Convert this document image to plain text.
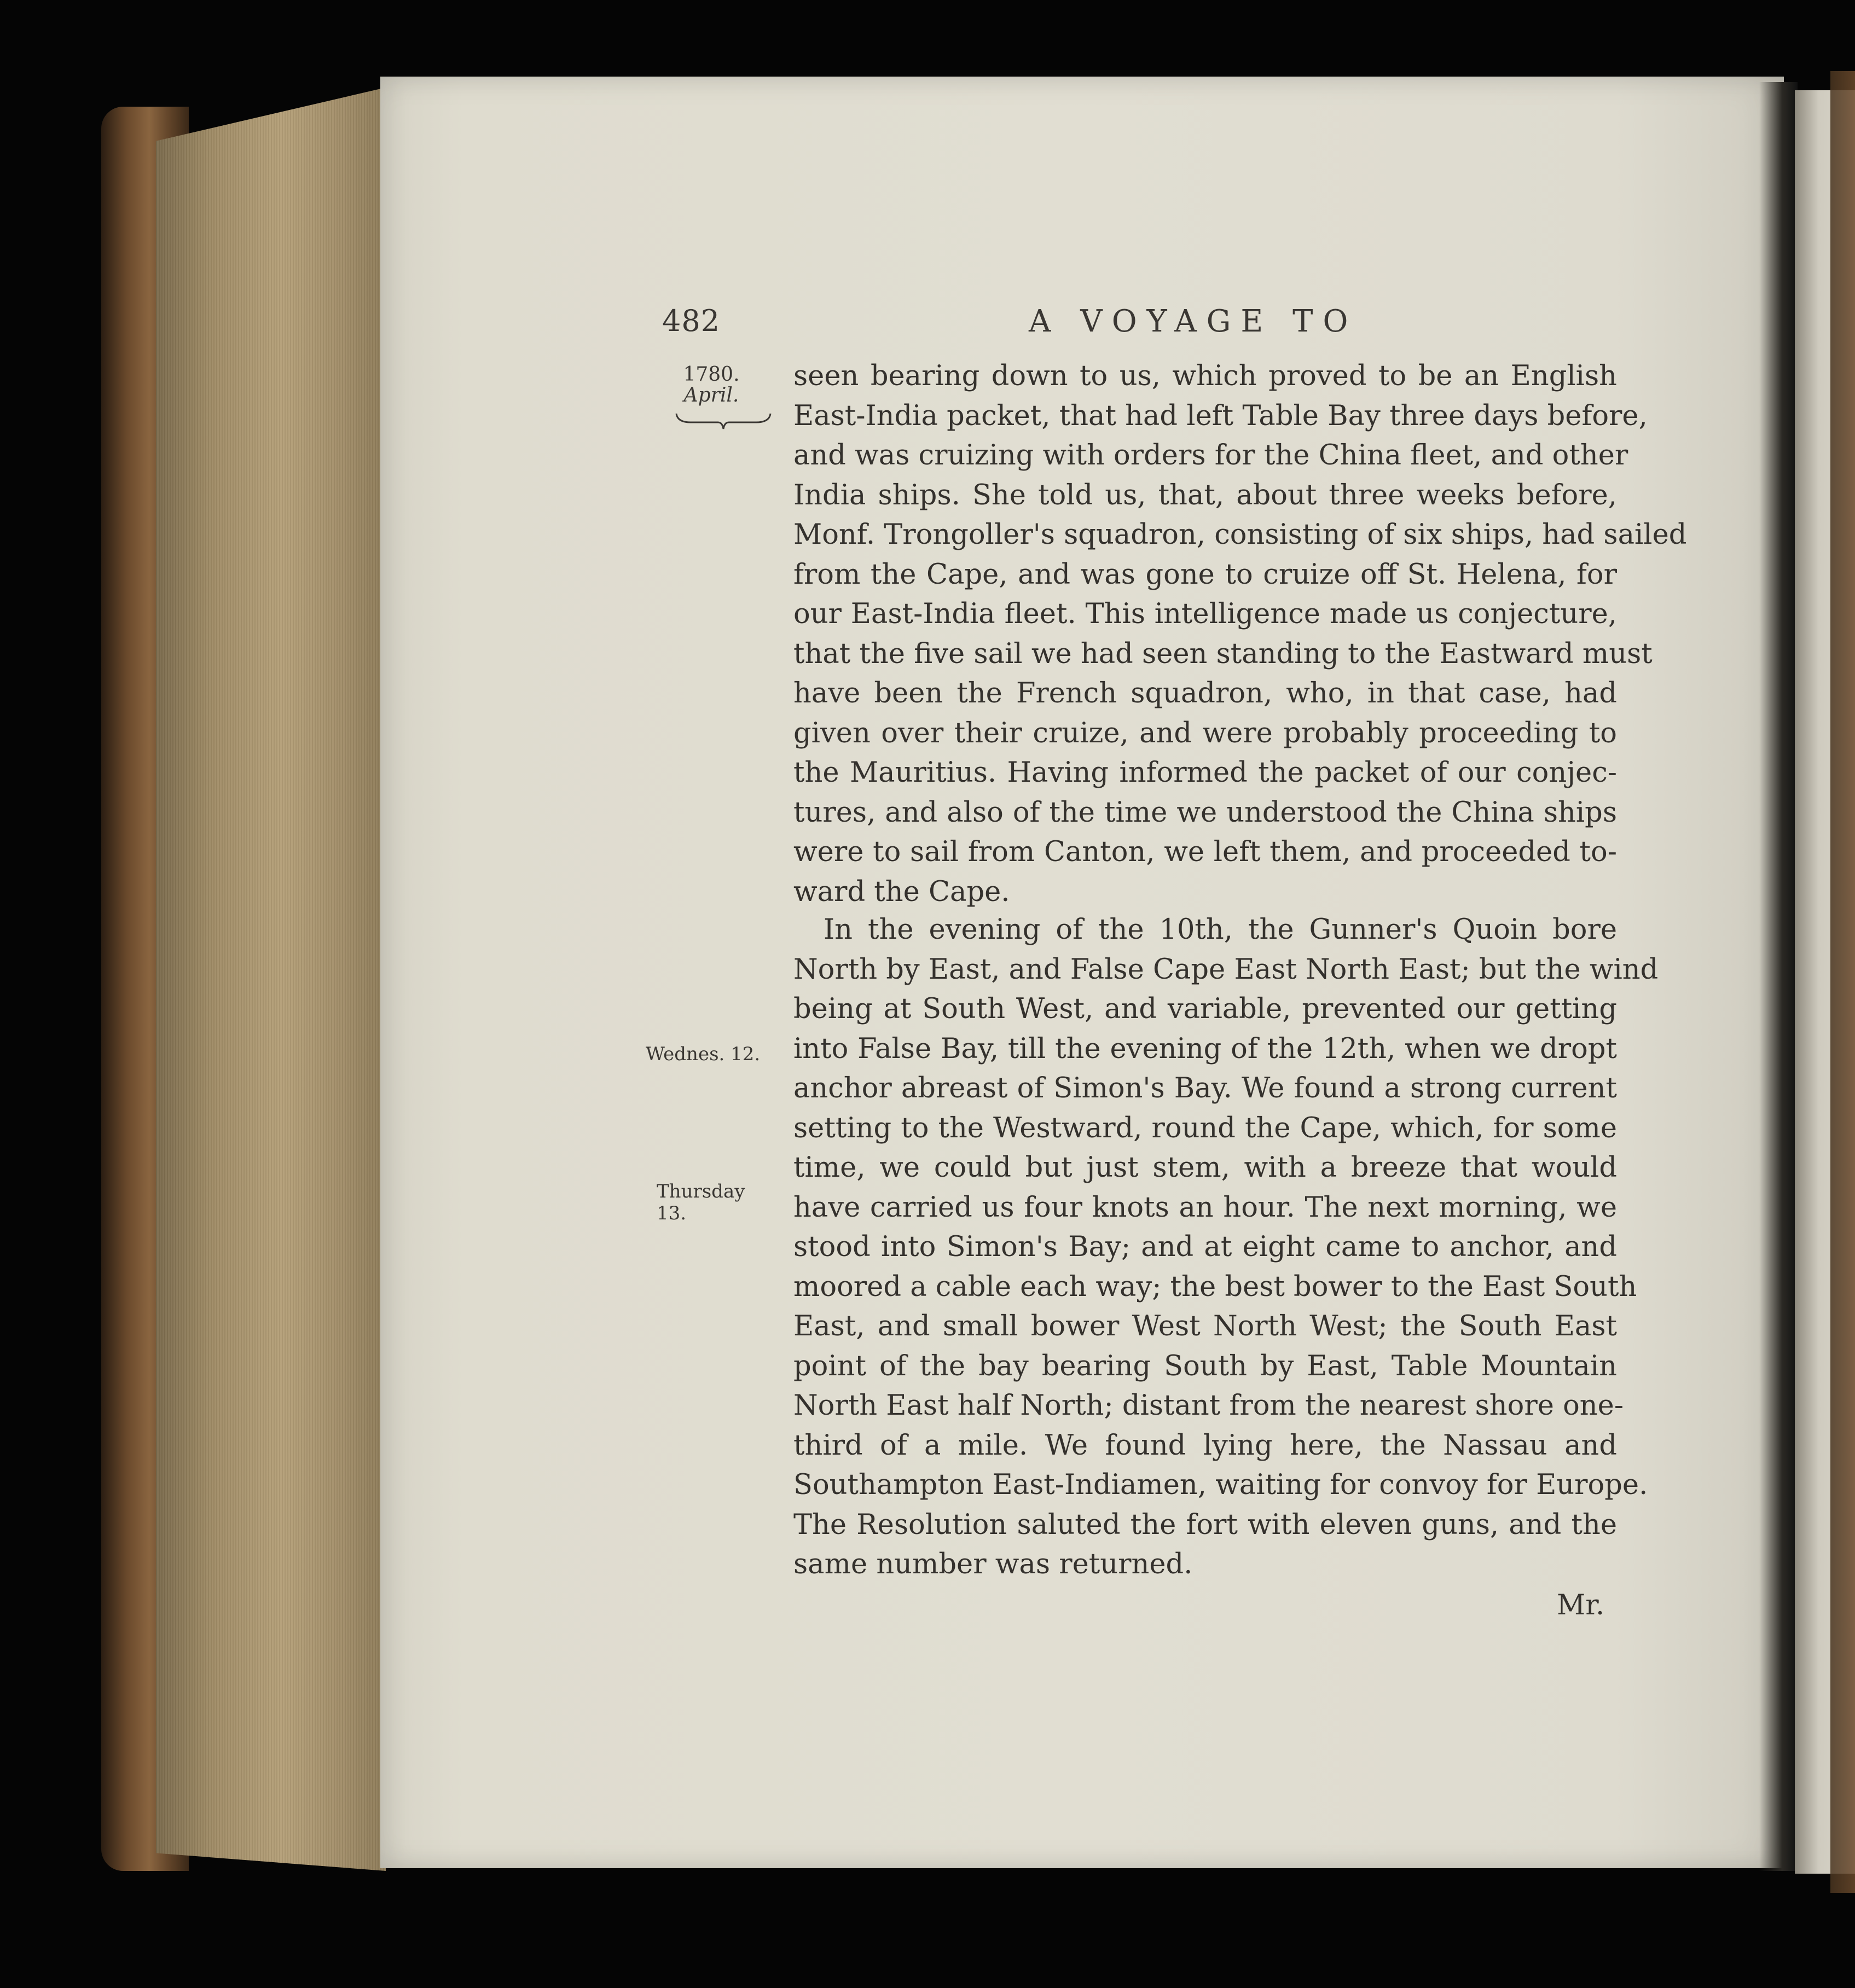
482	A VOYAGE TO
1780.
April.
Wednes. 12.
Thursday 13.
seen bearing down to us, which proved to be an English
East-India packet, that had left Table Bay three days before,
and was cruizing with orders for the China fleet, and other
India ships. She told us, that, about three weeks before,
Monf. Trongoller's squadron, consisting of six ships, had sailed
from the Cape, and was gone to cruize off St. Helena, for
our East-India fleet. This intelligence made us conjecture,
that the five sail we had seen standing to the Eastward must
have been the French squadron, who, in that case, had
given over their cruize, and were probably proceeding to
the Mauritius. Having informed the packet of our conjec-
tures, and also of the time we understood the China ships
were to sail from Canton, we left them, and proceeded to-
ward the Cape.
In the evening of the 10th, the Gunner's Quoin bore
North by East, and False Cape East North East; but the wind
being at South West, and variable, prevented our getting
into False Bay, till the evening of the 12th, when we dropt
anchor abreast of Simon's Bay. We found a strong current
setting to the Westward, round the Cape, which, for some
time, we could but just stem, with a breeze that would
have carried us four knots an hour. The next morning, we
stood into Simon's Bay; and at eight came to anchor, and
moored a cable each way; the best bower to the East South
East, and small bower West North West; the South East
point of the bay bearing South by East, Table Mountain
North East half North; distant from the nearest shore one-
third of a mile. We found lying here, the Nassau and
Southampton East-Indiamen, waiting for convoy for Europe.
The Resolution saluted the fort with eleven guns, and the
same number was returned.
Mr.
